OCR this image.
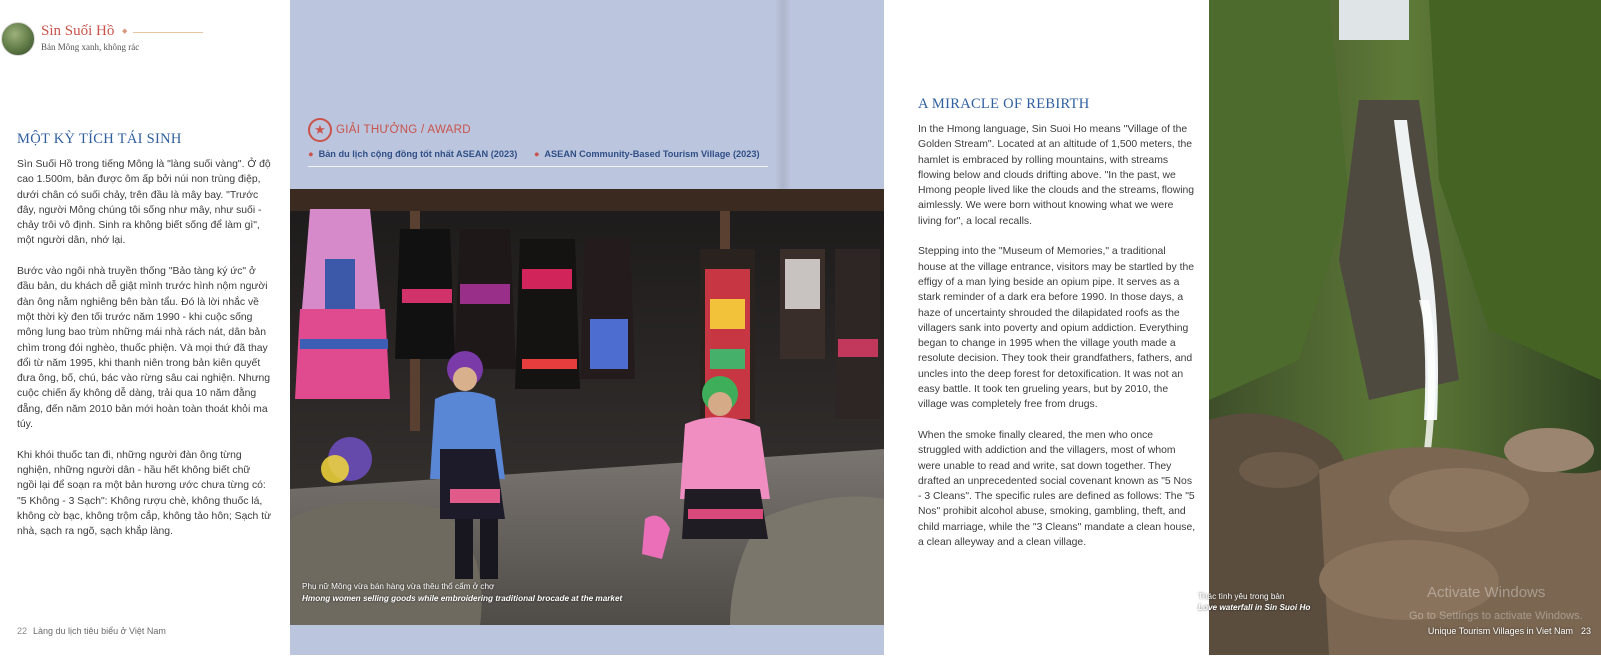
Sìn Suối Hồ ◆
Bản Mông xanh, không rác
MỘT KỲ TÍCH TÁI SINH

Sìn Suối Hồ trong tiếng Mông là "làng suối vàng". Ở độ cao 1.500m, bản được ôm ấp bởi núi non trùng điệp, dưới chân có suối chảy, trên đầu là mây bay. "Trước đây, người Mông chúng tôi sống như mây, như suối - chảy trôi vô định. Sinh ra không biết sống để làm gì", một người dân, nhớ lại.

Bước vào ngôi nhà truyền thống "Bảo tàng ký ức" ở đầu bản, du khách dễ giật mình trước hình nộm người đàn ông nằm nghiêng bên bàn tẩu. Đó là lời nhắc về một thời kỳ đen tối trước năm 1990 - khi cuộc sống mông lung bao trùm những mái nhà rách nát, dân bản chìm trong đói nghèo, thuốc phiện. Và mọi thứ đã thay đổi từ năm 1995, khi thanh niên trong bản kiên quyết đưa ông, bố, chú, bác vào rừng sâu cai nghiện. Nhưng cuộc chiến ấy không dễ dàng, trải qua 10 năm đằng đẵng, đến năm 2010 bản mới hoàn toàn thoát khỏi ma túy.

Khi khói thuốc tan đi, những người đàn ông từng nghiện, những người dân - hầu hết không biết chữ ngồi lại để soạn ra một bản hương ước chưa từng có: "5 Không - 3 Sạch": Không rượu chè, không thuốc lá, không cờ bạc, không trộm cắp, không tảo hôn; Sạch từ nhà, sạch ra ngõ, sạch khắp làng.

22 Làng du lịch tiêu biểu ở Việt Nam
★ GIẢI THƯỞNG / AWARD
● Bản du lịch cộng đồng tốt nhất ASEAN (2023) ● ASEAN Community-Based Tourism Village (2023)
Phụ nữ Mông vừa bán hàng vừa thêu thổ cẩm ở chợ
Hmong women selling goods while embroidering traditional brocade at the market
A MIRACLE OF REBIRTH

In the Hmong language, Sin Suoi Ho means "Village of the Golden Stream". Located at an altitude of 1,500 meters, the hamlet is embraced by rolling mountains, with streams flowing below and clouds drifting above. "In the past, we Hmong people lived like the clouds and the streams, flowing aimlessly. We were born without knowing what we were living for", a local recalls.

Stepping into the "Museum of Memories," a traditional house at the village entrance, visitors may be startled by the effigy of a man lying beside an opium pipe. It serves as a stark reminder of a dark era before 1990. In those days, a haze of uncertainty shrouded the dilapidated roofs as the villagers sank into poverty and opium addiction. Everything began to change in 1995 when the village youth made a resolute decision. They took their grandfathers, fathers, and uncles into the deep forest for detoxification. It was not an easy battle. It took ten grueling years, but by 2010, the village was completely free from drugs.

When the smoke finally cleared, the men who once struggled with addiction and the villagers, most of whom were unable to read and write, sat down together. They drafted an unprecedented social covenant known as "5 Nos - 3 Cleans". The specific rules are defined as follows: The "5 Nos" prohibit alcohol abuse, smoking, gambling, theft, and child marriage, while the "3 Cleans" mandate a clean house, a clean alleyway and a clean village.

Thác tình yêu trong bản
Love waterfall in Sin Suoi Ho
Activate Windows
Go to Settings to activate Windows.
Unique Tourism Villages in Viet Nam 23
